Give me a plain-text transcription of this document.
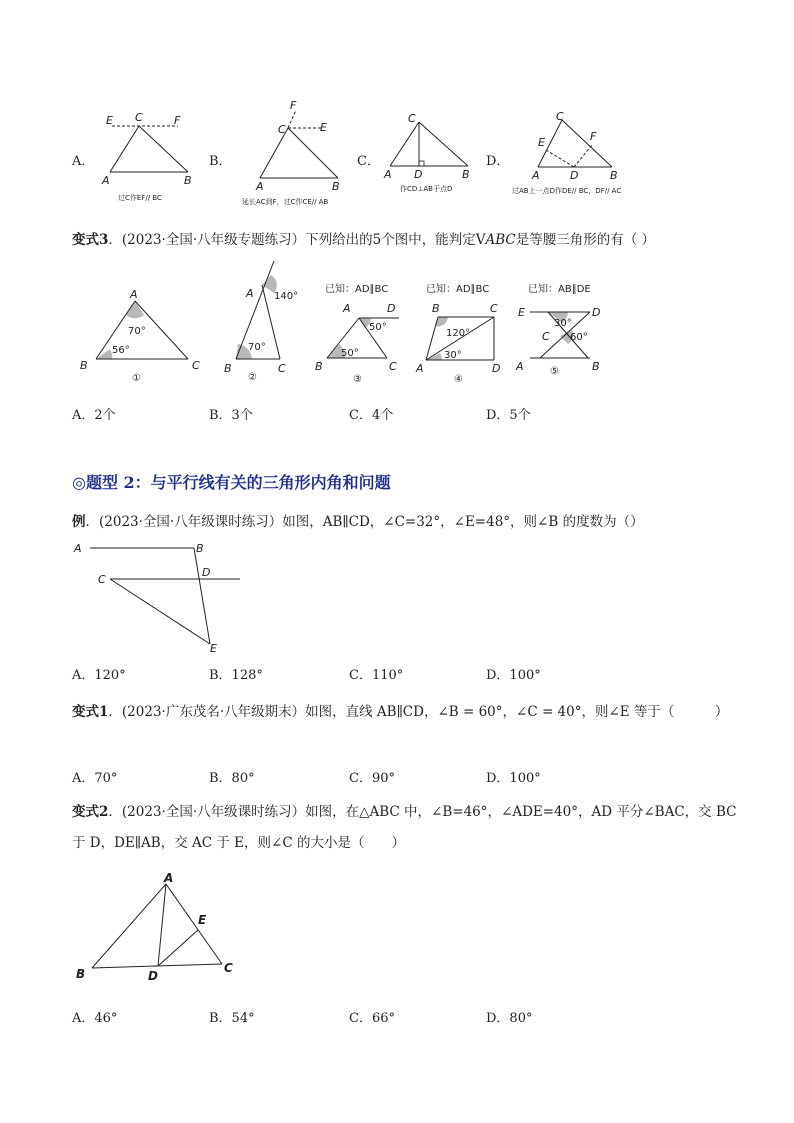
A．	B．	C．	D．
E C	F
A	B
过C作EF// BC
F
C	E
A	B
延长AC到F，过C作CE// AB
C
A D	B
作CD⊥AB于点D
C
E	F
A	D	B
过AB上一点D作DE// BC，DF// AC
变式3．(2023·全国·八年级专题练习）下列给出的5个图中，能判定VABC是等腰三角形的有（ ）
A
B	C
70°
56°
①
A
B	C
140°
70°
②
已知：AD∥BC
A	D
B	C
50°
50°
③
已知：AD∥BC
B	C
A	D
120°
30°
④
已知：AB∥DE
E	D
C
A	B
30°
60°
⑤
A．2个	B．3个	C．4个	D．5个
◎题型 2：与平行线有关的三角形内角和问题
例．(2023·全国·八年级课时练习）如图，AB∥CD，∠C=32°，∠E=48°，则∠B 的度数为（）
A	B
C
D
E
A．120°	B．128°	C．110°	D．100°
变式1．(2023·广东茂名·八年级期末）如图，直线 AB∥CD，∠B = 60°，∠C = 40°，则∠E 等于（　　　）
A．70°	B．80°	C．90°	D．100°
变式2．(2023·全国·八年级课时练习）如图，在△ABC 中，∠B=46°，∠ADE=40°，AD 平分∠BAC，交 BC
于 D，DE∥AB，交 AC 于 E，则∠C 的大小是（　　）
A
E
B	D
C
A．46°	B．54°	C．66°	D．80°
